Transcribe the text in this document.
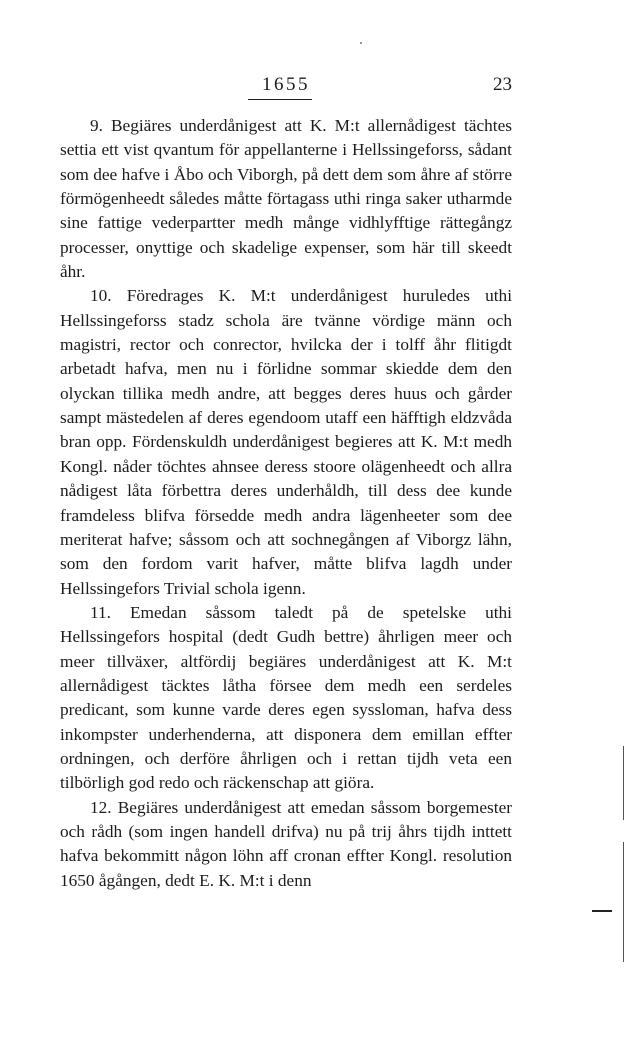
1655	23

9. Begiäres underdånigest att K. M:t allernådigest tächtes settia ett vist qvantum för appellanterne i Hellssingeforss, sådant som dee hafve i Åbo och Viborgh, på dett dem som åhre af större förmögenheedt således måtte förtagass uthi ringa saker utharmde sine fattige vederpartter medh månge vidhlyfftige rättegångz processer, onyttige och skadelige expenser, som här till skeedt åhr.

10. Föredrages K. M:t underdånigest huruledes uthi Hellssingeforss stadz schola äre tvänne vördige männ och magistri, rector och conrector, hvilcka der i tolff åhr flitigdt arbetadt hafva, men nu i förlidne sommar skiedde dem den olyckan tillika medh andre, att begges deres huus och gårder sampt mästedelen af deres egendoom utaff een häfftigh eldzvåda bran opp. Fördenskuldh underdånigest begieres att K. M:t medh Kongl. nåder töchtes ahnsee deress stoore olägenheedt och allra nådigest låta förbettra deres underhåldh, till dess dee kunde framdeless blifva försedde medh andra lägenheeter som dee meriterat hafve; såssom och att sochnegången af Viborgz lähn, som den fordom varit hafver, måtte blifva lagdh under Hellssingefors Trivial schola igenn.

11. Emedan såssom taledt på de spetelske uthi Hellssingefors hospital (dedt Gudh bettre) åhrligen meer och meer tillväxer, altfördij begiäres underdånigest att K. M:t allernådigest täcktes låtha försee dem medh een serdeles predicant, som kunne varde deres egen syssloman, hafva dess inkompster underhenderna, att disponera dem emillan effter ordningen, och derföre åhrligen och i rettan tijdh veta een tilbörligh god redo och räckenschap att giöra.

12. Begiäres underdånigest att emedan såssom borgemester och rådh (som ingen handell drifva) nu på trij åhrs tijdh inttett hafva bekommitt någon löhn aff cronan effter Kongl. resolution 1650 ågången, dedt E. K. M:t i denn
